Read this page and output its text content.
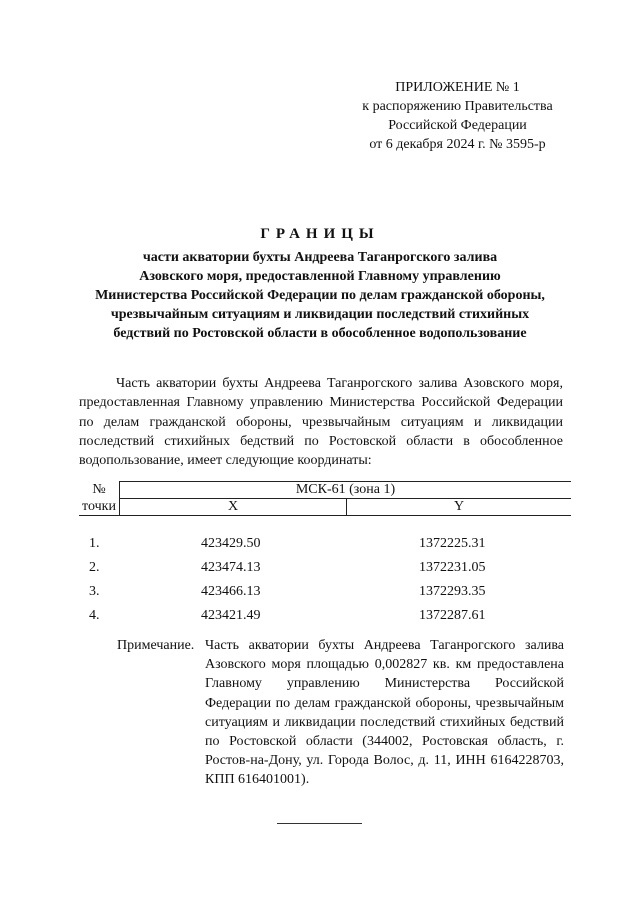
ПРИЛОЖЕНИЕ № 1
к распоряжению Правительства
Российской Федерации
от 6 декабря 2024 г. № 3595-р
ГРАНИЦЫ
части акватории бухты Андреева Таганрогского залива
Азовского моря, предоставленной Главному управлению
Министерства Российской Федерации по делам гражданской обороны,
чрезвычайным ситуациям и ликвидации последствий стихийных
бедствий по Ростовской области в обособленное водопользование
Часть акватории бухты Андреева Таганрогского залива Азовского моря, предоставленная Главному управлению Министерства Российской Федерации по делам гражданской обороны, чрезвычайным ситуациям и ликвидации последствий стихийных бедствий по Ростовской области в обособленное водопользование, имеет следующие координаты:
№	МСК-61 (зона 1)	
точки	X	Y
1.	423429.50	1372225.31
2.	423474.13	1372231.05
3.	423466.13	1372293.35
4.	423421.49	1372287.61
Примечание. Часть акватории бухты Андреева Таганрогского залива Азовского моря площадью 0,002827 кв. км предоставлена Главному управлению Министерства Российской Федерации по делам гражданской обороны, чрезвычайным ситуациям и ликвидации последствий стихийных бедствий по Ростовской области (344002, Ростовская область, г. Ростов-на-Дону, ул. Города Волос, д. 11, ИНН 6164228703, КПП 616401001).
